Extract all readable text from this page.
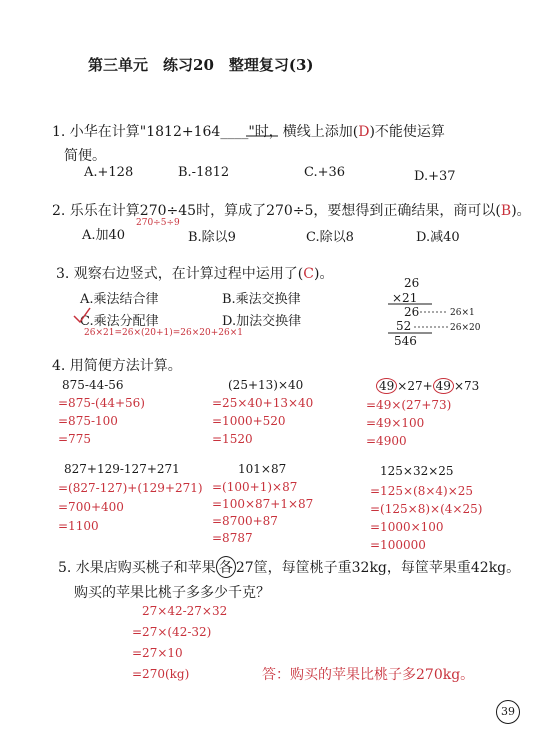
第三单元　练习20　整理复习(3)
1. 小华在计算"1812+164____"时，横线上添加(D)不能使运算
简便。
A.+128	B.-1812	C.+36	D.+37
2. 乐乐在计算270÷45时，算成了270÷5，要想得到正确结果，商可以(B)。
270÷5÷9
A.加40	B.除以9	C.除以8	D.减40
3. 观察右边竖式，在计算过程中运用了(C)。
A.乘法结合律	B.乘法交换律
C.乘法分配律	D.加法交换律
26×21=26×(20+1)=26×20+26×1
26
×21
26	26×1
52	26×20
546
4. 用简便方法计算。
875-44-56
=875-(44+56)
=875-100
=775
(25+13)×40
=25×40+13×40
=1000+520
=1520
49 ×27+ 49 ×73
=49×(27+73)
=49×100
=4900
827+129-127+271
=(827-127)+(129+271)
=700+400
=1100
101×87
=(100+1)×87
=100×87+1×87
=8700+87
=8787
125×32×25
=125×(8×4)×25
=(125×8)×(4×25)
=1000×100
=100000
5. 水果店购买桃子和苹果 各 27筐，每筐桃子重32kg，每筐苹果重42kg。
购买的苹果比桃子多多少千克？
27×42-27×32
=27×(42-32)
=27×10
=270(kg)	答：购买的苹果比桃子多270kg。
39
